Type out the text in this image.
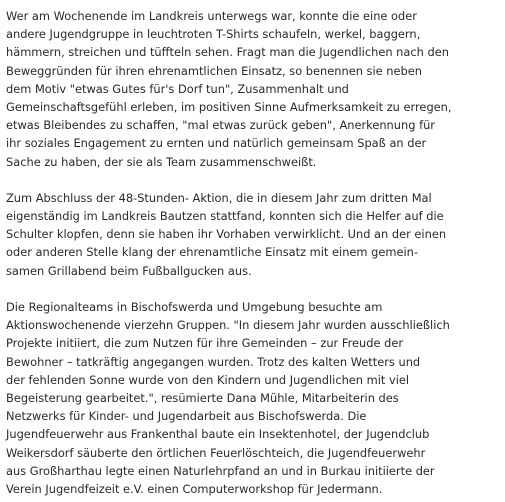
Wer am Wochenende im Landkreis unterwegs war, konnte die eine oder
andere Jugendgruppe in leuchtroten T-Shirts schaufeln, werkel, baggern,
hämmern, streichen und tüffteln sehen. Fragt man die Jugendlichen nach den
Beweggründen für ihren ehrenamtlichen Einsatz, so benennen sie neben
dem Motiv "etwas Gutes für's Dorf tun", Zusammenhalt und
Gemeinschaftsgefühl erleben, im positiven Sinne Aufmerksamkeit zu erregen,
etwas Bleibendes zu schaffen, "mal etwas zurück geben", Anerkennung für
ihr soziales Engagement zu ernten und natürlich gemeinsam Spaß an der
Sache zu haben, der sie als Team zusammenschweißt.
Zum Abschluss der 48-Stunden- Aktion, die in diesem Jahr zum dritten Mal
eigenständig im Landkreis Bautzen stattfand, konnten sich die Helfer auf die
Schulter klopfen, denn sie haben ihr Vorhaben verwirklicht. Und an der einen
oder anderen Stelle klang der ehrenamtliche Einsatz mit einem gemein-
samen Grillabend beim Fußballgucken aus.
Die Regionalteams in Bischofswerda und Umgebung besuchte am
Aktionswochenende vierzehn Gruppen. "In diesem Jahr wurden ausschließlich
Projekte initiiert, die zum Nutzen für ihre Gemeinden – zur Freude der
Bewohner – tatkräftig angegangen wurden. Trotz des kalten Wetters und
der fehlenden Sonne wurde von den Kindern und Jugendlichen mit viel
Begeisterung gearbeitet.", resümierte Dana Mühle, Mitarbeiterin des
Netzwerks für Kinder- und Jugendarbeit aus Bischofswerda. Die
Jugendfeuerwehr aus Frankenthal baute ein Insektenhotel, der Jugendclub
Weikersdorf säuberte den örtlichen Feuerlöschteich, die Jugendfeuerwehr
aus Großharthau legte einen Naturlehrpfand an und in Burkau initiierte der
Verein Jugendfeizeit e.V. einen Computerworkshop für Jedermann.
